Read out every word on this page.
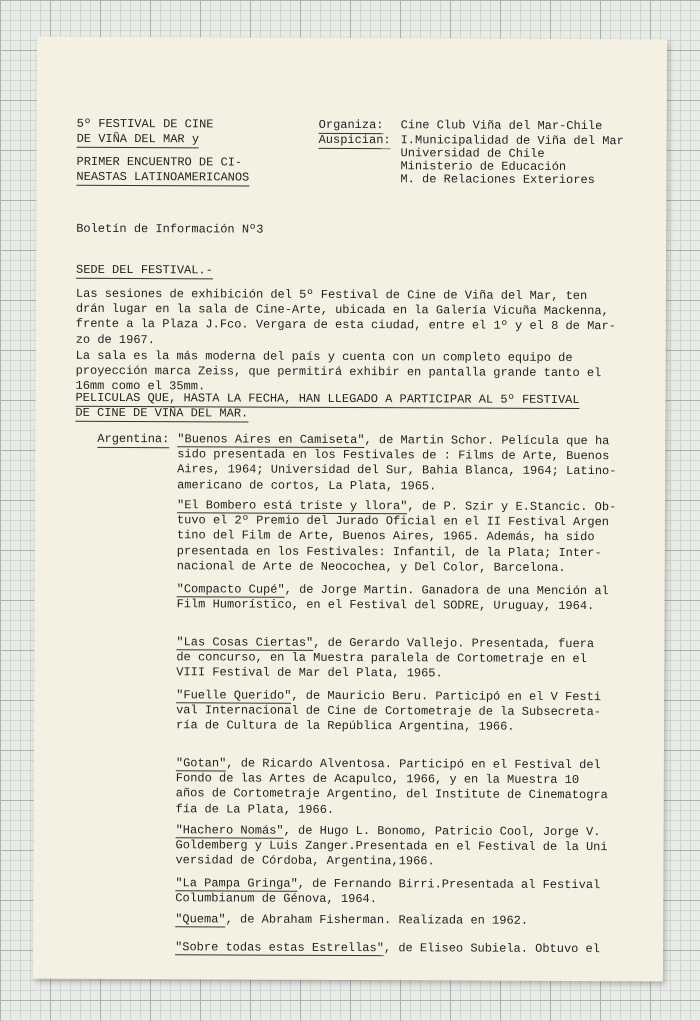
5º FESTIVAL DE CINE
DE VIÑA DEL MAR y
PRIMER ENCUENTRO DE CI-
NEASTAS LATINOAMERICANOS
Organiza:
Auspician:
Cine Club Viña del Mar-Chile
I.Municipalidad de Viña del Mar
Universidad de Chile
Ministerio de Educación
M. de Relaciones Exteriores
Boletín de Información Nº3
SEDE DEL FESTIVAL.-
Las sesiones de exhibición del 5º Festival de Cine de Viña del Mar, ten
drán lugar en la sala de Cine-Arte, ubicada en la Galería Vicuña Mackenna,
frente a la Plaza J.Fco. Vergara de esta ciudad, entre el 1º y el 8 de Mar-
zo de 1967.
La sala es la más moderna del país y cuenta con un completo equipo de
proyección marca Zeiss, que permitirá exhibir en pantalla grande tanto el
16mm como el 35mm.
PELICULAS QUE, HASTA LA FECHA, HAN LLEGADO A PARTICIPAR AL 5º FESTIVAL
DE CINE DE VIÑA DEL MAR.
Argentina: "Buenos Aires en Camiseta", de Martin Schor. Película que ha
sido presentada en los Festivales de : Films de Arte, Buenos
Aires, 1964; Universidad del Sur, Bahia Blanca, 1964; Latino-
americano de cortos, La Plata, 1965.
"El Bombero está triste y llora", de P. Szir y E.Stancic. Ob-
tuvo el 2º Premio del Jurado Oficial en el II Festival Argen
tino del Film de Arte, Buenos Aires, 1965. Además, ha sido
presentada en los Festivales: Infantil, de la Plata; Inter-
nacional de Arte de Neocochea, y Del Color, Barcelona.
"Compacto Cupé", de Jorge Martin. Ganadora de una Mención al
Film Humorístico, en el Festival del SODRE, Uruguay, 1964.
"Las Cosas Ciertas", de Gerardo Vallejo. Presentada, fuera
de concurso, en la Muestra paralela de Cortometraje en el
VIII Festival de Mar del Plata, 1965.
"Fuelle Querido", de Mauricio Beru. Participó en el V Festi
val Internacional de Cine de Cortometraje de la Subsecreta-
ría de Cultura de la República Argentina, 1966.
"Gotan", de Ricardo Alventosa. Participó en el Festival del
Fondo de las Artes de Acapulco, 1966, y en la Muestra 10
años de Cortometraje Argentino, del Institute de Cinematogra
fía de La Plata, 1966.
"Hachero Nomás", de Hugo L. Bonomo, Patricio Cool, Jorge V.
Goldemberg y Luis Zanger.Presentada en el Festival de la Uni
versidad de Córdoba, Argentina,1966.
"La Pampa Gringa", de Fernando Birri.Presentada al Festival
Columbianum de Génova, 1964.
"Quema", de Abraham Fisherman. Realizada en 1962.
"Sobre todas estas Estrellas", de Eliseo Subiela. Obtuvo el
